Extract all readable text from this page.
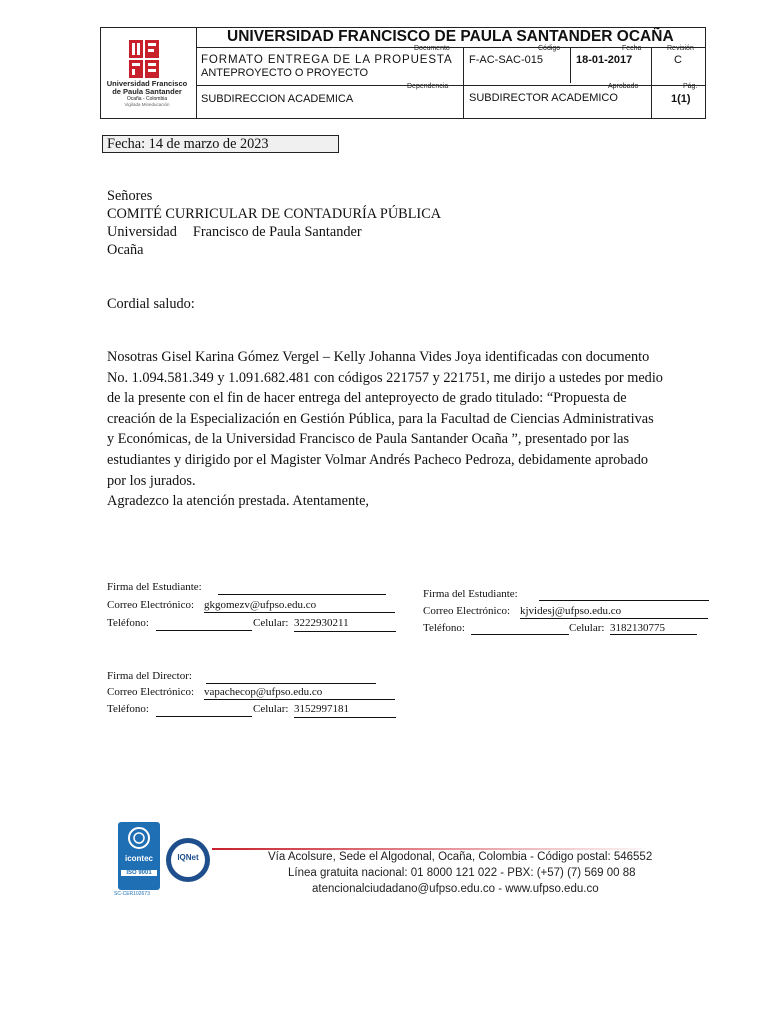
Universidad Francisco
de Paula Santander
Ocaña - Colombia
Vigilada Mineducación
UNIVERSIDAD FRANCISCO DE PAULA SANTANDER OCAÑA
Documento
FORMATO ENTREGA DE LA PROPUESTA
ANTEPROYECTO O PROYECTO
Código
F-AC-SAC-015
Fecha
18-01-2017
Revisión
C
Dependencia
SUBDIRECCION ACADEMICA
Aprobado
SUBDIRECTOR ACADEMICO
Pág.
1(1)
Fecha: 14 de marzo de 2023
Señores
COMITÉ CURRICULAR DE CONTADURÍA PÚBLICA
Universidad Francisco de Paula Santander
Ocaña
Cordial saludo:
Nosotras Gisel Karina Gómez Vergel – Kelly Johanna Vides Joya identificadas con documento
No. 1.094.581.349 y 1.091.682.481 con códigos 221757 y 221751, me dirijo a ustedes por medio
de la presente con el fin de hacer entrega del anteproyecto de grado titulado: “Propuesta de
creación de la Especialización en Gestión Pública, para la Facultad de Ciencias Administrativas
y Económicas, de la Universidad Francisco de Paula Santander Ocaña ”, presentado por las
estudiantes y dirigido por el Magister Volmar Andrés Pacheco Pedroza, debidamente aprobado
por los jurados.
Agradezco la atención prestada. Atentamente,
Firma del Estudiante:
Correo Electrónico: gkgomezv@ufpso.edu.co
Teléfono:	Celular: 3222930211
Firma del Estudiante:
Correo Electrónico: kjvidesj@ufpso.edu.co
Teléfono:	Celular: 3182130775
Firma del Director:
Correo Electrónico: vapachecop@ufpso.edu.co
Teléfono:	Celular: 3152997181
icontec
ISO 9001
SC-CER102673
IQNet	Vía Acolsure, Sede el Algodonal, Ocaña, Colombia - Código postal: 546552
Línea gratuita nacional: 01 8000 121 022 - PBX: (+57) (7) 569 00 88
atencionalciudadano@ufpso.edu.co - www.ufpso.edu.co
